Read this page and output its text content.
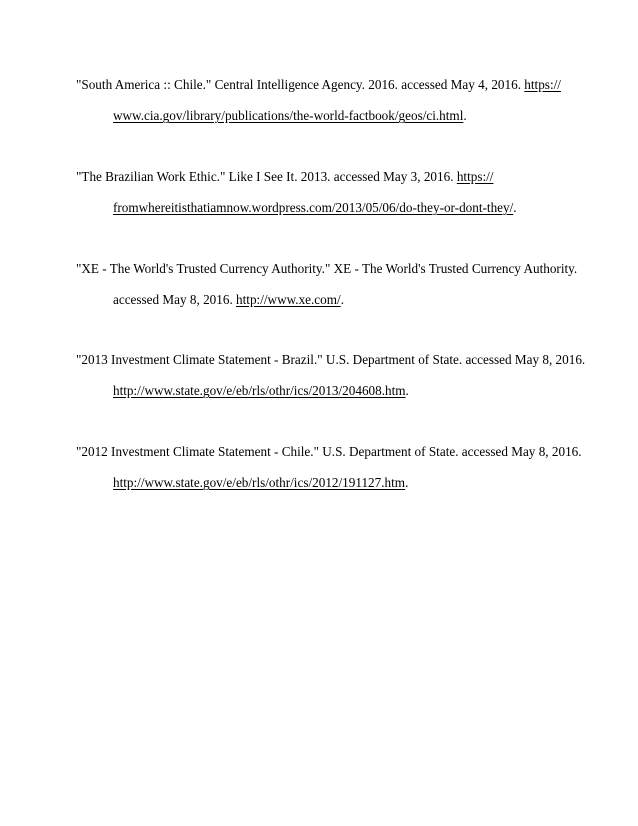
"South America :: Chile." Central Intelligence Agency. 2016. accessed May 4, 2016. https://
www.cia.gov/library/publications/the-world-factbook/geos/ci.html.
"The Brazilian Work Ethic." Like I See It. 2013. accessed May 3, 2016. https://
fromwhereitisthatiamnow.wordpress.com/2013/05/06/do-they-or-dont-they/.
"XE - The World's Trusted Currency Authority." XE - The World's Trusted Currency Authority.
accessed May 8, 2016. http://www.xe.com/.
"2013 Investment Climate Statement - Brazil." U.S. Department of State. accessed May 8, 2016.
http://www.state.gov/e/eb/rls/othr/ics/2013/204608.htm.
"2012 Investment Climate Statement - Chile." U.S. Department of State. accessed May 8, 2016.
http://www.state.gov/e/eb/rls/othr/ics/2012/191127.htm.
